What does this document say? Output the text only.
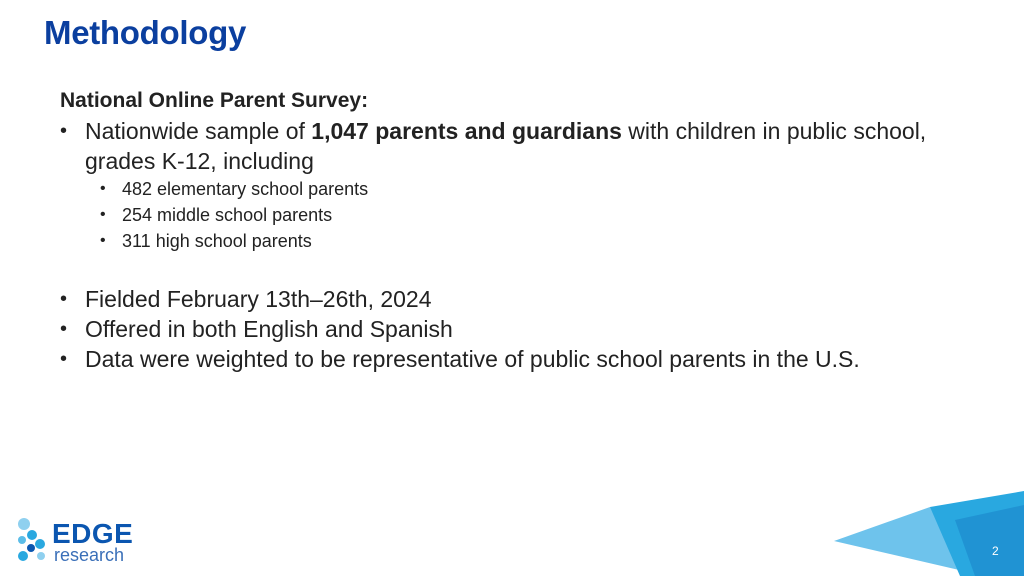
Methodology
National Online Parent Survey:
• Nationwide sample of 1,047 parents and guardians with children in public school, grades K-12, including
• 482 elementary school parents
• 254 middle school parents
• 311 high school parents
• Fielded February 13th–26th, 2024
• Offered in both English and Spanish
• Data were weighted to be representative of public school parents in the U.S.
EDGE
research	2
